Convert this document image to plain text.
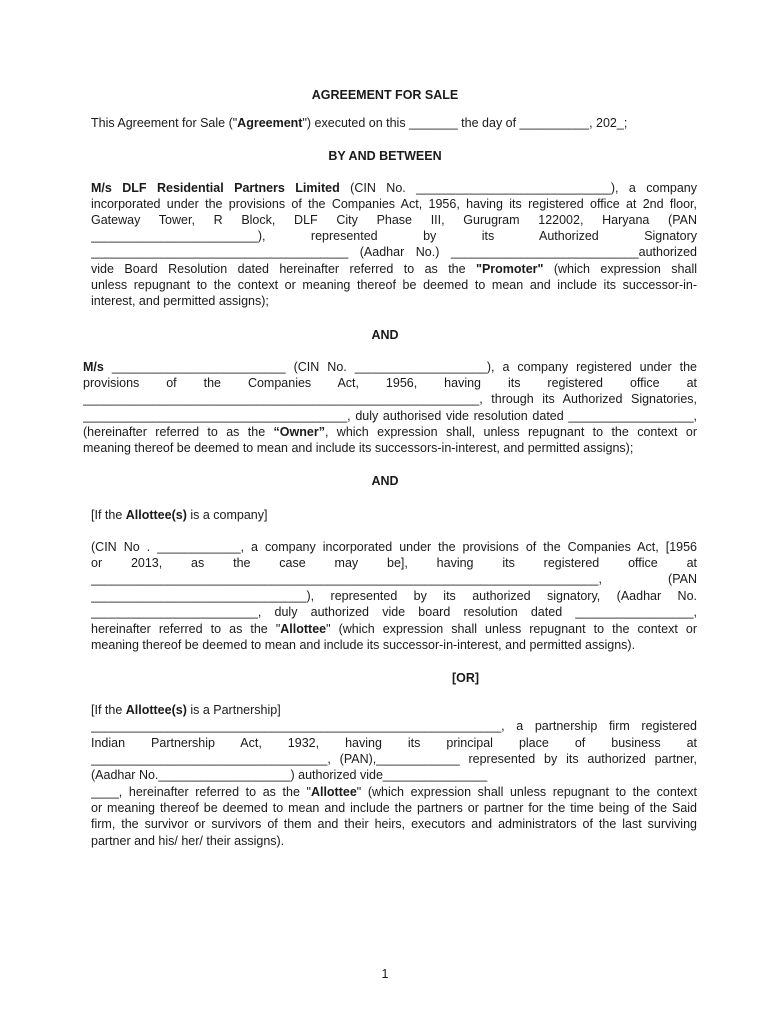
AGREEMENT FOR SALE
This Agreement for Sale ("Agreement") executed on this _______ the day of __________, 202_;
BY AND BETWEEN
M/s DLF Residential Partners Limited (CIN No. ____________________________), a company
incorporated under the provisions of the Companies Act, 1956, having its registered office at 2nd floor,
Gateway Tower, R Block, DLF City Phase III, Gurugram 122002, Haryana (PAN
________________________), represented by its Authorized Signatory
_____________________________________ (Aadhar No.) ___________________________authorized
vide Board Resolution dated hereinafter referred to as the "Promoter" (which expression shall
unless repugnant to the context or meaning thereof be deemed to mean and include its successor-in-
interest, and permitted assigns);
AND
M/s _________________________ (CIN No. ___________________), a company registered under the
provisions of the Companies Act, 1956, having its registered office at
_________________________________________________________, through its Authorized Signatories,
______________________________________, duly authorised vide resolution dated __________________,
(hereinafter referred to as the “Owner”, which expression shall, unless repugnant to the context or
meaning thereof be deemed to mean and include its successors-in-interest, and permitted assigns);
AND
[If the Allottee(s) is a company]
(CIN No . ____________, a company incorporated under the provisions of the Companies Act, [1956
or 2013, as the case may be], having its registered office at
_________________________________________________________________________, (PAN
_______________________________), represented by its authorized signatory, (Aadhar No.
________________________, duly authorized vide board resolution dated _________________,
hereinafter referred to as the "Allottee" (which expression shall unless repugnant to the context or
meaning thereof be deemed to mean and include its successor-in-interest, and permitted assigns).
[OR]
[If the Allottee(s) is a Partnership]
___________________________________________________________, a partnership firm registered
Indian Partnership Act, 1932, having its principal place of business at
__________________________________, (PAN),____________ represented by its authorized partner,
(Aadhar No.___________________) authorized vide_______________
____, hereinafter referred to as the "Allottee" (which expression shall unless repugnant to the context
or meaning thereof be deemed to mean and include the partners or partner for the time being of the Said
firm, the survivor or survivors of them and their heirs, executors and administrators of the last surviving
partner and his/ her/ their assigns).
1
